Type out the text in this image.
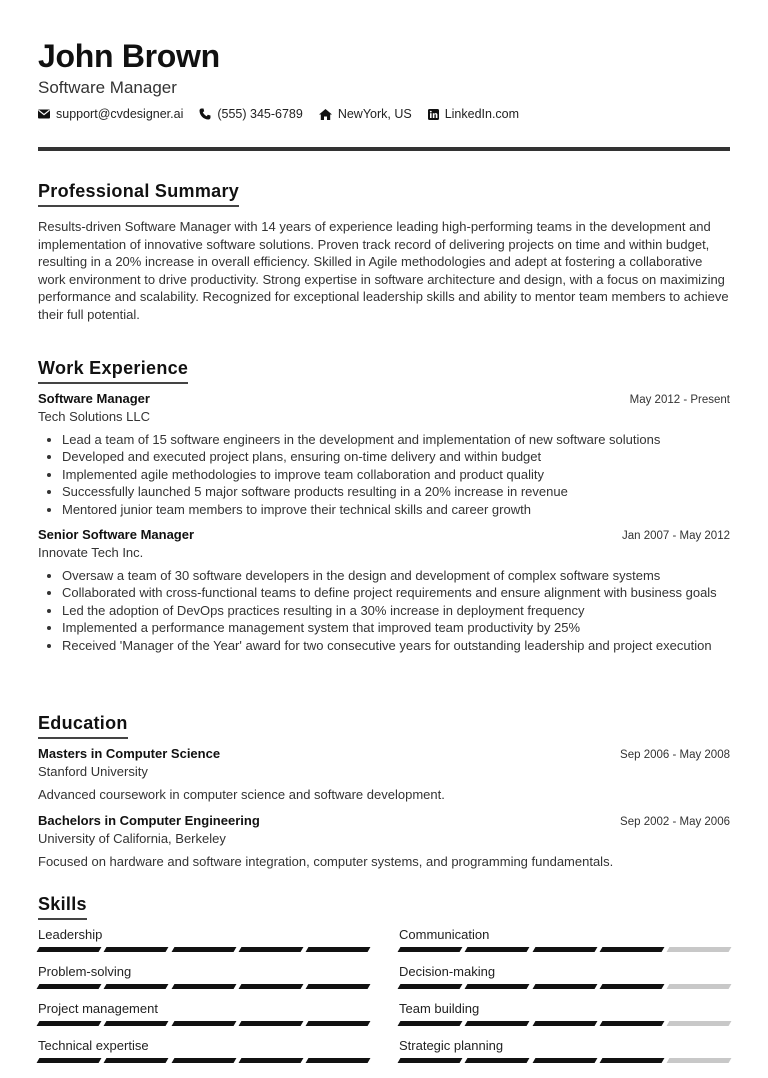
John Brown
Software Manager
support@cvdesigner.ai	(555) 345-6789	NewYork, US	LinkedIn.com
Professional Summary
Results-driven Software Manager with 14 years of experience leading high-performing teams in the development and implementation of innovative software solutions. Proven track record of delivering projects on time and within budget, resulting in a 20% increase in overall efficiency. Skilled in Agile methodologies and adept at fostering a collaborative work environment to drive productivity. Strong expertise in software architecture and design, with a focus on maximizing performance and scalability. Recognized for exceptional leadership skills and ability to mentor team members to achieve their full potential.
Work Experience
Software Manager	May 2012 - Present
Tech Solutions LLC
• Lead a team of 15 software engineers in the development and implementation of new software solutions
• Developed and executed project plans, ensuring on-time delivery and within budget
• Implemented agile methodologies to improve team collaboration and product quality
• Successfully launched 5 major software products resulting in a 20% increase in revenue
• Mentored junior team members to improve their technical skills and career growth
Senior Software Manager	Jan 2007 - May 2012
Innovate Tech Inc.
• Oversaw a team of 30 software developers in the design and development of complex software systems
• Collaborated with cross-functional teams to define project requirements and ensure alignment with business goals
• Led the adoption of DevOps practices resulting in a 30% increase in deployment frequency
• Implemented a performance management system that improved team productivity by 25%
• Received 'Manager of the Year' award for two consecutive years for outstanding leadership and project execution
Education
Masters in Computer Science	Sep 2006 - May 2008
Stanford University
Advanced coursework in computer science and software development.
Bachelors in Computer Engineering	Sep 2002 - May 2006
University of California, Berkeley
Focused on hardware and software integration, computer systems, and programming fundamentals.
Skills
Leadership	Communication
Problem-solving	Decision-making
Project management	Team building
Technical expertise	Strategic planning
